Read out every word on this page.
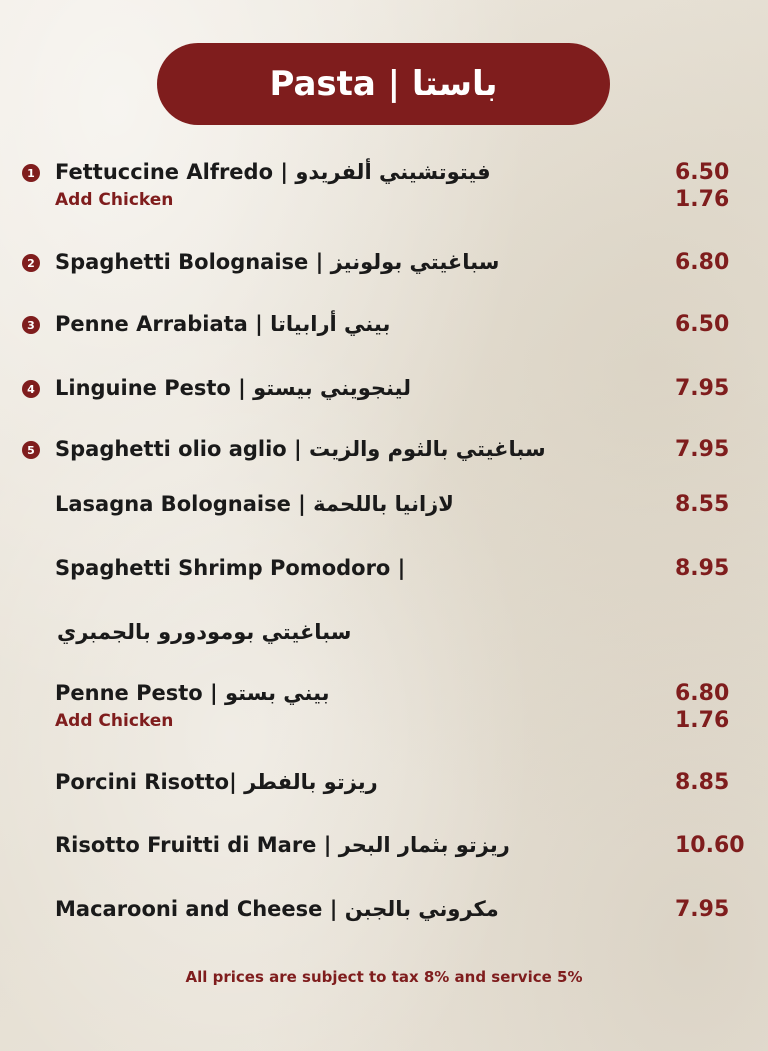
Pasta | باستا
1 Fettuccine Alfredo | فيتوتشيني ألفريدو	6.50
Add Chicken	1.76
2 Spaghetti Bolognaise | سباغيتي بولونيز	6.80
3 Penne Arrabiata | بيني أرابياتا	6.50
4 Linguine Pesto | لينجويني بيستو	7.95
5 Spaghetti olio aglio | سباغيتي بالثوم والزيت	7.95
Lasagna Bolognaise | لازانيا باللحمة	8.55
Spaghetti Shrimp Pomodoro |	8.95
سباغيتي بومودورو بالجمبري
Penne Pesto | بيني بستو	6.80
Add Chicken	1.76
Porcini Risotto| ريزتو بالفطر	8.85
Risotto Fruitti di Mare | ريزتو بثمار البحر	10.60
Macarooni and Cheese | مكروني بالجبن	7.95
All prices are subject to tax 8% and service 5%
